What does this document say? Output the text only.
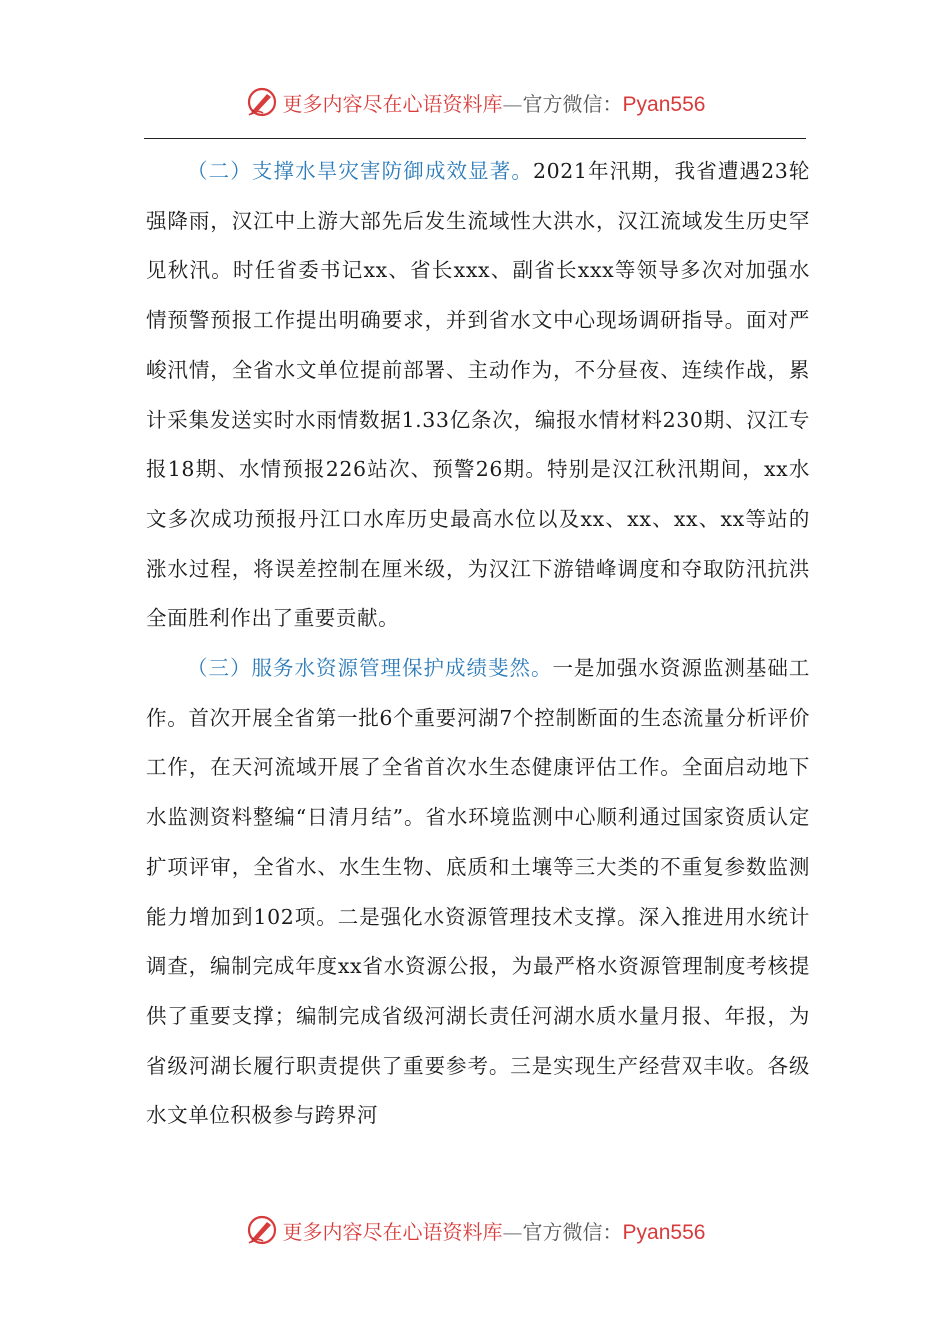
更多内容尽在心语资料库—官方微信：Pyan556

（二）支撑水旱灾害防御成效显著。2021年汛期，我省遭遇23轮强降雨，汉江中上游大部先后发生流域性大洪水，汉江流域发生历史罕见秋汛。时任省委书记xx、省长xxx、副省长xxx等领导多次对加强水情预警预报工作提出明确要求，并到省水文中心现场调研指导。面对严峻汛情，全省水文单位提前部署、主动作为，不分昼夜、连续作战，累计采集发送实时水雨情数据1.33亿条次，编报水情材料230期、汉江专报18期、水情预报226站次、预警26期。特别是汉江秋汛期间，xx水文多次成功预报丹江口水库历史最高水位以及xx、xx、xx、xx等站的涨水过程，将误差控制在厘米级，为汉江下游错峰调度和夺取防汛抗洪全面胜利作出了重要贡献。

（三）服务水资源管理保护成绩斐然。一是加强水资源监测基础工作。首次开展全省第一批6个重要河湖7个控制断面的生态流量分析评价工作，在天河流域开展了全省首次水生态健康评估工作。全面启动地下水监测资料整编“日清月结”。省水环境监测中心顺利通过国家资质认定扩项评审，全省水、水生生物、底质和土壤等三大类的不重复参数监测能力增加到102项。二是强化水资源管理技术支撑。深入推进用水统计调查，编制完成年度xx省水资源公报，为最严格水资源管理制度考核提供了重要支撑；编制完成省级河湖长责任河湖水质水量月报、年报，为省级河湖长履行职责提供了重要参考。三是实现生产经营双丰收。各级水文单位积极参与跨界河

更多内容尽在心语资料库—官方微信：Pyan556
